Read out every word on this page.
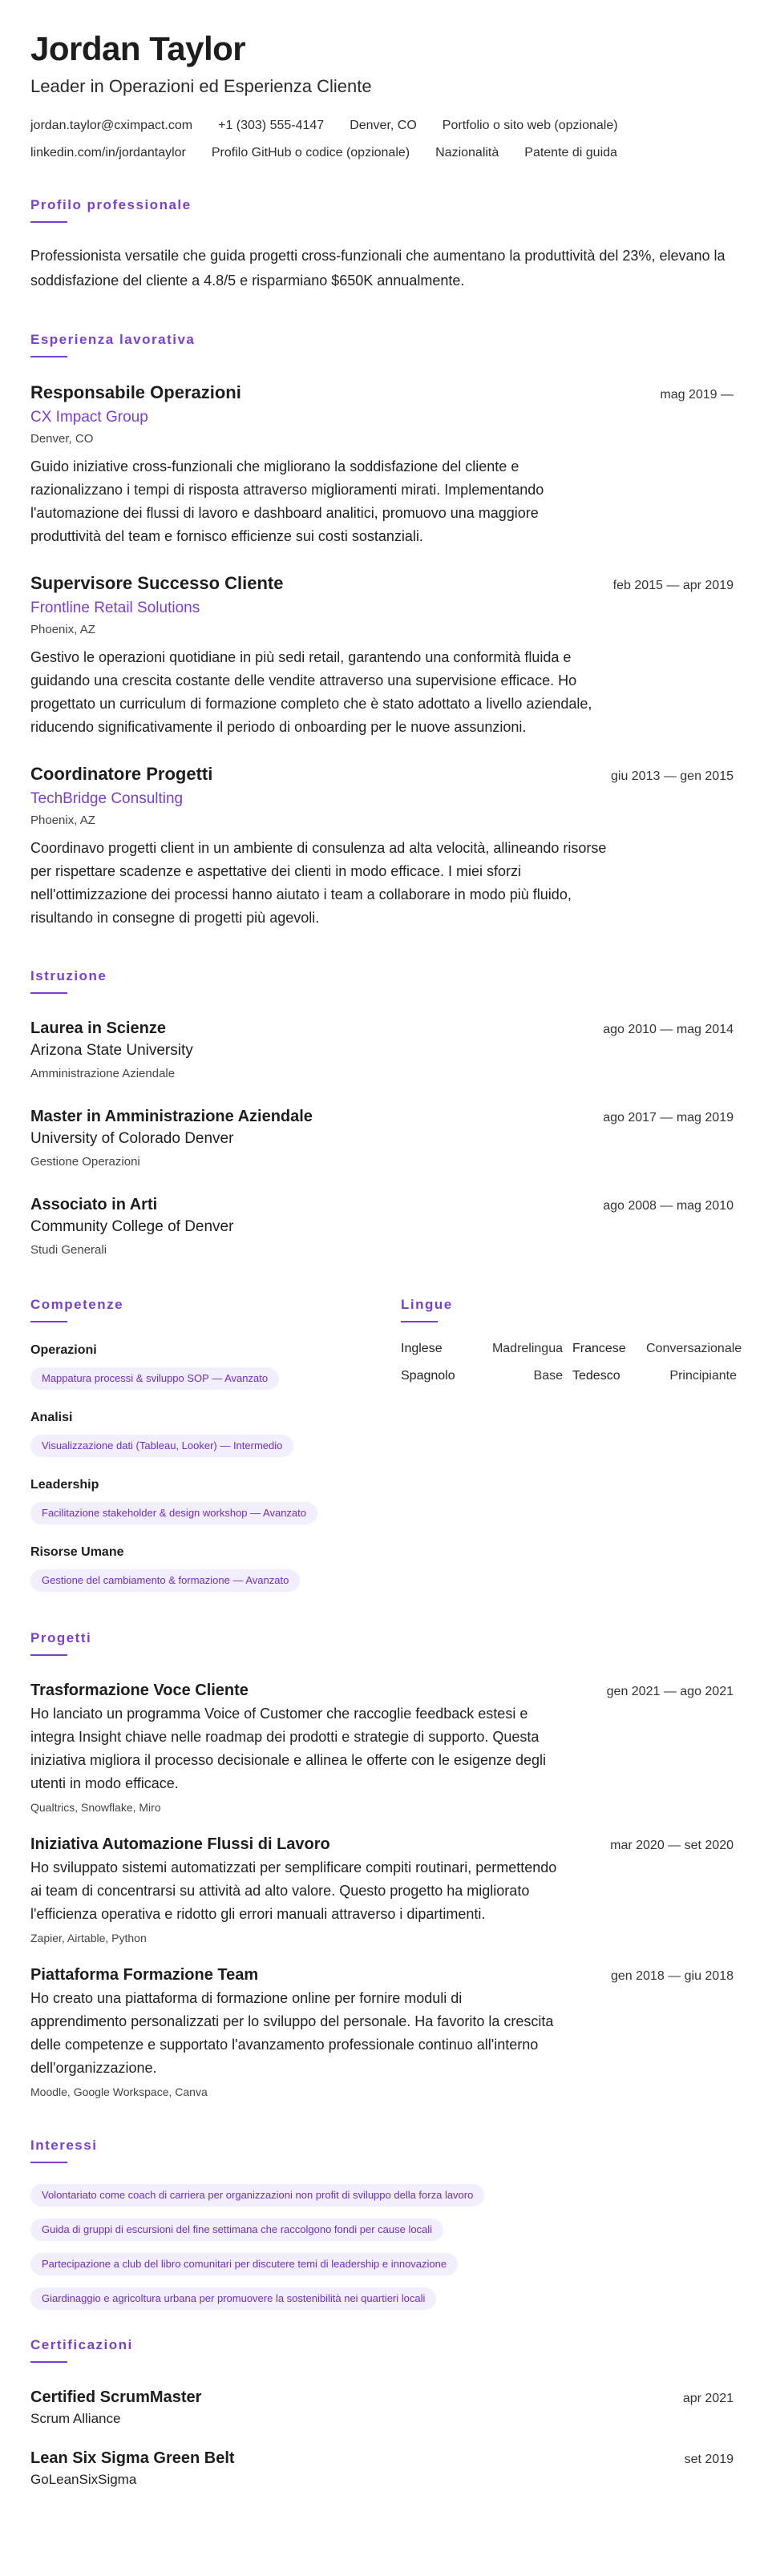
Jordan Taylor
Leader in Operazioni ed Esperienza Cliente
jordan.taylor@cximpact.com +1 (303) 555-4147 Denver, CO Portfolio o sito web (opzionale)
linkedin.com/in/jordantaylor Profilo GitHub o codice (opzionale) Nazionalità Patente di guida
Profilo professionale
Professionista versatile che guida progetti cross-funzionali che aumentano la produttività del 23%, elevano la soddisfazione del cliente a 4.8/5 e risparmiano $650K annualmente.
Esperienza lavorativa
Responsabile Operazioni	mag 2019 —
CX Impact Group
Denver, CO
Guido iniziative cross-funzionali che migliorano la soddisfazione del cliente e razionalizzano i tempi di risposta attraverso miglioramenti mirati. Implementando l'automazione dei flussi di lavoro e dashboard analitici, promuovo una maggiore produttività del team e fornisco efficienze sui costi sostanziali.
Supervisore Successo Cliente	feb 2015 — apr 2019
Frontline Retail Solutions
Phoenix, AZ
Gestivo le operazioni quotidiane in più sedi retail, garantendo una conformità fluida e guidando una crescita costante delle vendite attraverso una supervisione efficace. Ho progettato un curriculum di formazione completo che è stato adottato a livello aziendale, riducendo significativamente il periodo di onboarding per le nuove assunzioni.
Coordinatore Progetti	giu 2013 — gen 2015
TechBridge Consulting
Phoenix, AZ
Coordinavo progetti client in un ambiente di consulenza ad alta velocità, allineando risorse per rispettare scadenze e aspettative dei clienti in modo efficace. I miei sforzi nell'ottimizzazione dei processi hanno aiutato i team a collaborare in modo più fluido, risultando in consegne di progetti più agevoli.
Istruzione
Laurea in Scienze	ago 2010 — mag 2014
Arizona State University
Amministrazione Aziendale
Master in Amministrazione Aziendale	ago 2017 — mag 2019
University of Colorado Denver
Gestione Operazioni
Associato in Arti	ago 2008 — mag 2010
Community College of Denver
Studi Generali
Competenze
Operazioni
Mappatura processi & sviluppo SOP — Avanzato
Analisi
Visualizzazione dati (Tableau, Looker) — Intermedio
Leadership
Facilitazione stakeholder & design workshop — Avanzato
Risorse Umane
Gestione del cambiamento & formazione — Avanzato
Lingue
Inglese	Madrelingua Francese	Conversazionale
Spagnolo	Base Tedesco	Principiante
Progetti
Trasformazione Voce Cliente	gen 2021 — ago 2021
Ho lanciato un programma Voice of Customer che raccoglie feedback estesi e integra Insight chiave nelle roadmap dei prodotti e strategie di supporto. Questa iniziativa migliora il processo decisionale e allinea le offerte con le esigenze degli utenti in modo efficace.
Qualtrics, Snowflake, Miro
Iniziativa Automazione Flussi di Lavoro	mar 2020 — set 2020
Ho sviluppato sistemi automatizzati per semplificare compiti routinari, permettendo ai team di concentrarsi su attività ad alto valore. Questo progetto ha migliorato l'efficienza operativa e ridotto gli errori manuali attraverso i dipartimenti.
Zapier, Airtable, Python
Piattaforma Formazione Team	gen 2018 — giu 2018
Ho creato una piattaforma di formazione online per fornire moduli di apprendimento personalizzati per lo sviluppo del personale. Ha favorito la crescita delle competenze e supportato l'avanzamento professionale continuo all'interno dell'organizzazione.
Moodle, Google Workspace, Canva
Interessi
Volontariato come coach di carriera per organizzazioni non profit di sviluppo della forza lavoro
Guida di gruppi di escursioni del fine settimana che raccolgono fondi per cause locali
Partecipazione a club del libro comunitari per discutere temi di leadership e innovazione
Giardinaggio e agricoltura urbana per promuovere la sostenibilità nei quartieri locali
Certificazioni
Certified ScrumMaster	apr 2021
Scrum Alliance
Lean Six Sigma Green Belt	set 2019
GoLeanSixSigma
